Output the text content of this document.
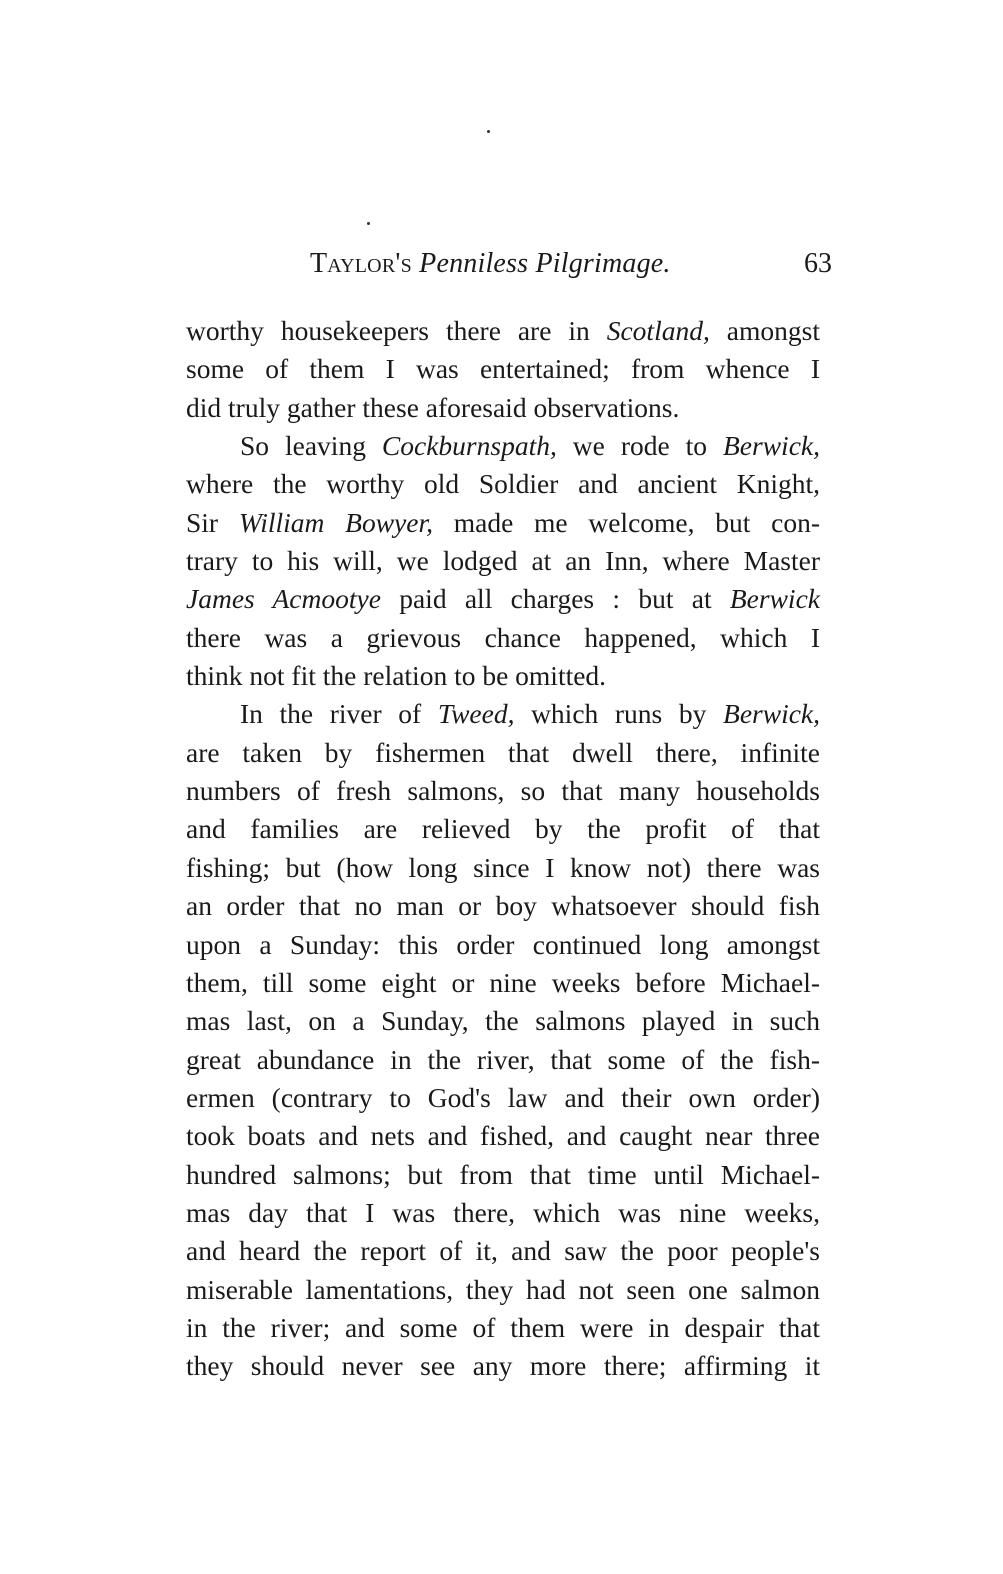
Taylor's Penniless Pilgrimage.	63
worthy housekeepers there are in Scotland, amongst
some of them I was entertained; from whence I
did truly gather these aforesaid observations.
So leaving Cockburnspath, we rode to Berwick,
where the worthy old Soldier and ancient Knight,
Sir William Bowyer, made me welcome, but con-
trary to his will, we lodged at an Inn, where Master
James Acmootye paid all charges : but at Berwick
there was a grievous chance happened, which I
think not fit the relation to be omitted.
In the river of Tweed, which runs by Berwick,
are taken by fishermen that dwell there, infinite
numbers of fresh salmons, so that many households
and families are relieved by the profit of that
fishing; but (how long since I know not) there was
an order that no man or boy whatsoever should fish
upon a Sunday: this order continued long amongst
them, till some eight or nine weeks before Michael-
mas last, on a Sunday, the salmons played in such
great abundance in the river, that some of the fish-
ermen (contrary to God's law and their own order)
took boats and nets and fished, and caught near three
hundred salmons; but from that time until Michael-
mas day that I was there, which was nine weeks,
and heard the report of it, and saw the poor people's
miserable lamentations, they had not seen one salmon
in the river; and some of them were in despair that
they should never see any more there; affirming it
